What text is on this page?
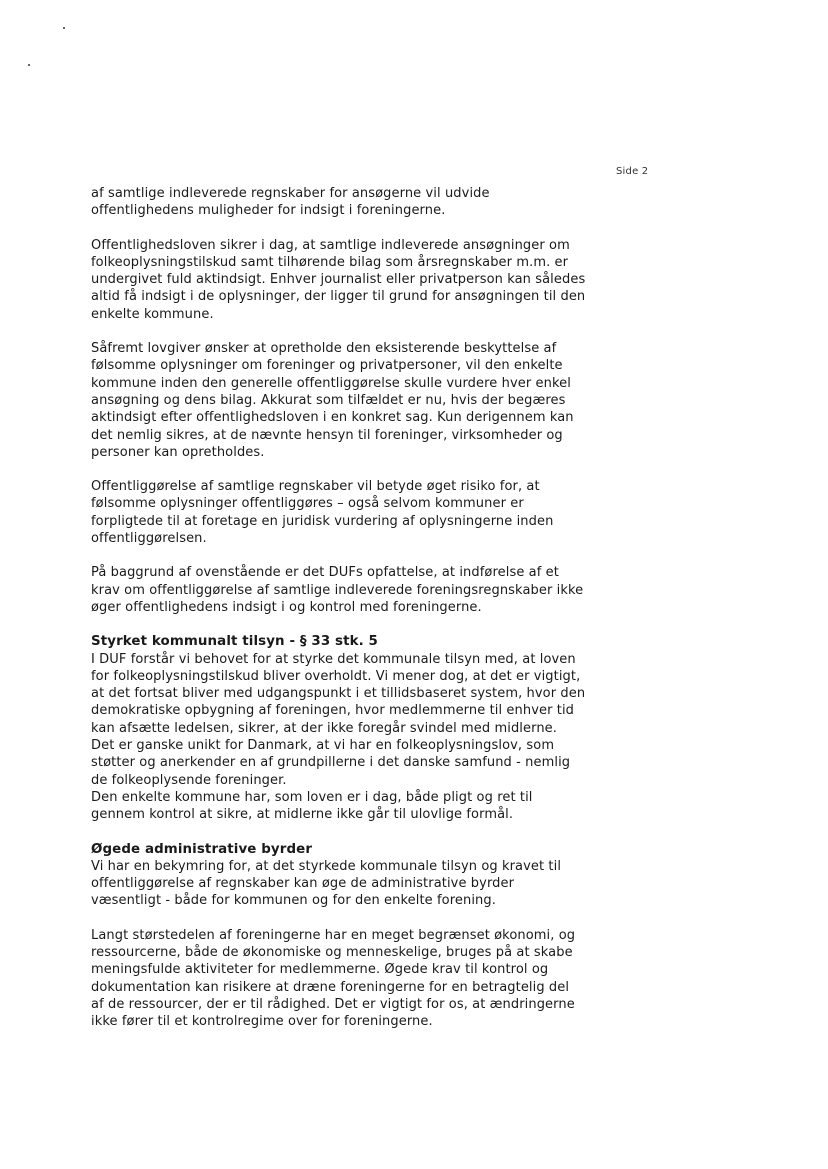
Side 2
af samtlige indleverede regnskaber for ansøgerne vil udvide
offentlighedens muligheder for indsigt i foreningerne.
Offentlighedsloven sikrer i dag, at samtlige indleverede ansøgninger om
folkeoplysningstilskud samt tilhørende bilag som årsregnskaber m.m. er
undergivet fuld aktindsigt. Enhver journalist eller privatperson kan således
altid få indsigt i de oplysninger, der ligger til grund for ansøgningen til den
enkelte kommune.
Såfremt lovgiver ønsker at opretholde den eksisterende beskyttelse af
følsomme oplysninger om foreninger og privatpersoner, vil den enkelte
kommune inden den generelle offentliggørelse skulle vurdere hver enkel
ansøgning og dens bilag. Akkurat som tilfældet er nu, hvis der begæres
aktindsigt efter offentlighedsloven i en konkret sag. Kun derigennem kan
det nemlig sikres, at de nævnte hensyn til foreninger, virksomheder og
personer kan opretholdes.
Offentliggørelse af samtlige regnskaber vil betyde øget risiko for, at
følsomme oplysninger offentliggøres – også selvom kommuner er
forpligtede til at foretage en juridisk vurdering af oplysningerne inden
offentliggørelsen.
På baggrund af ovenstående er det DUFs opfattelse, at indførelse af et
krav om offentliggørelse af samtlige indleverede foreningsregnskaber ikke
øger offentlighedens indsigt i og kontrol med foreningerne.
Styrket kommunalt tilsyn - § 33 stk. 5
I DUF forstår vi behovet for at styrke det kommunale tilsyn med, at loven
for folkeoplysningstilskud bliver overholdt. Vi mener dog, at det er vigtigt,
at det fortsat bliver med udgangspunkt i et tillidsbaseret system, hvor den
demokratiske opbygning af foreningen, hvor medlemmerne til enhver tid
kan afsætte ledelsen, sikrer, at der ikke foregår svindel med midlerne.
Det er ganske unikt for Danmark, at vi har en folkeoplysningslov, som
støtter og anerkender en af grundpillerne i det danske samfund - nemlig
de folkeoplysende foreninger.
Den enkelte kommune har, som loven er i dag, både pligt og ret til
gennem kontrol at sikre, at midlerne ikke går til ulovlige formål.
Øgede administrative byrder
Vi har en bekymring for, at det styrkede kommunale tilsyn og kravet til
offentliggørelse af regnskaber kan øge de administrative byrder
væsentligt - både for kommunen og for den enkelte forening.
Langt størstedelen af foreningerne har en meget begrænset økonomi, og
ressourcerne, både de økonomiske og menneskelige, bruges på at skabe
meningsfulde aktiviteter for medlemmerne. Øgede krav til kontrol og
dokumentation kan risikere at dræne foreningerne for en betragtelig del
af de ressourcer, der er til rådighed. Det er vigtigt for os, at ændringerne
ikke fører til et kontrolregime over for foreningerne.
